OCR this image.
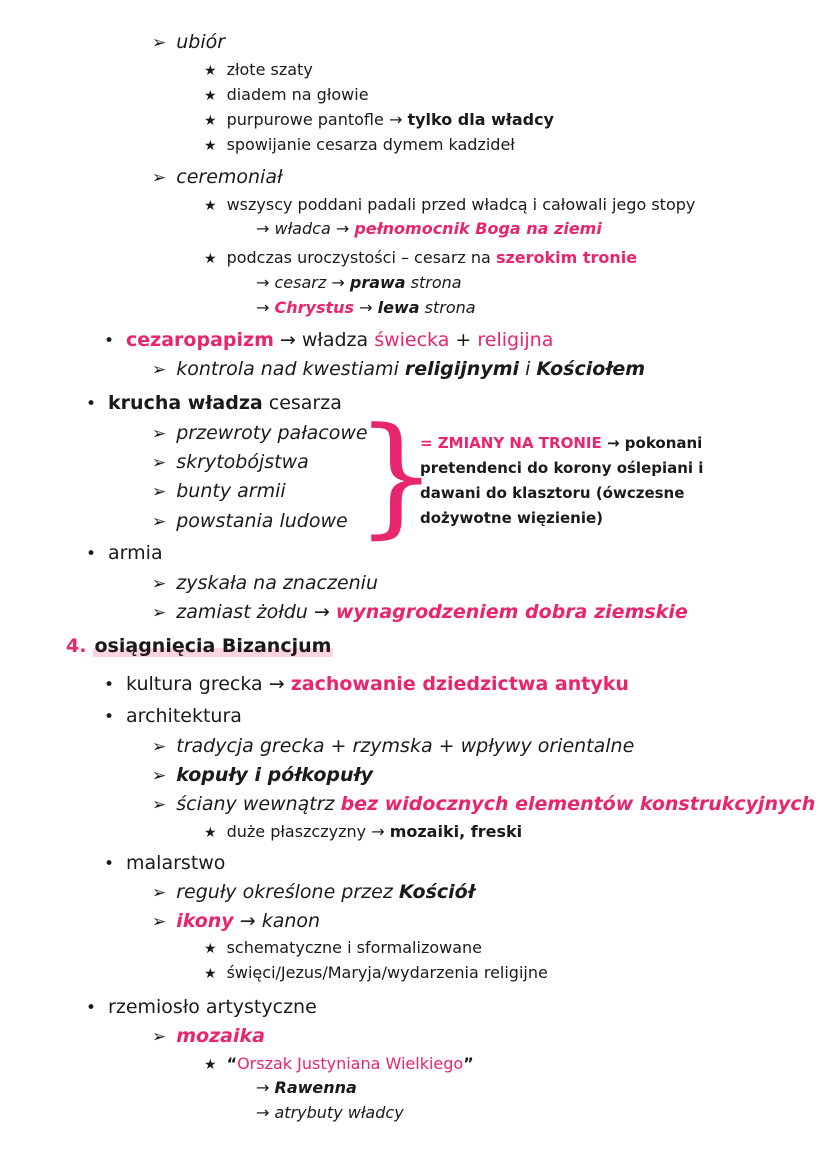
➢ ubiór
★ złote szaty
★ diadem na głowie
★ purpurowe pantofle → tylko dla władcy
★ spowijanie cesarza dymem kadzideł
➢ ceremoniał
★ wszyscy poddani padali przed władcą i całowali jego stopy
→ władca → pełnomocnik Boga na ziemi
★ podczas uroczystości – cesarz na szerokim tronie
→ cesarz → prawa strona
→ Chrystus → lewa strona
• cezaropapizm → władza świecka + religijna
➢ kontrola nad kwestiami religijnymi i Kościołem
• krucha władza cesarza
➢ przewroty pałacowe
➢ skrytobójstwa
➢ bunty armii
➢ powstania ludowe }
= ZMIANY NA TRONIE → pokonani
pretendenci do korony oślepiani i
dawani do klasztoru (ówczesne
dożywotne więzienie)
• armia
➢ zyskała na znaczeniu
➢ zamiast żołdu → wynagrodzeniem dobra ziemskie
4. osiągnięcia Bizancjum
• kultura grecka → zachowanie dziedzictwa antyku
• architektura
➢ tradycja grecka + rzymska + wpływy orientalne
➢ kopuły i półkopuły
➢ ściany wewnątrz bez widocznych elementów konstrukcyjnych
★ duże płaszczyzny → mozaiki, freski
• malarstwo
➢ reguły określone przez Kościół
➢ ikony → kanon
★ schematyczne i sformalizowane
★ święci/Jezus/Maryja/wydarzenia religijne
• rzemiosło artystyczne
➢ mozaika
★ “Orszak Justyniana Wielkiego”
→ Rawenna
→ atrybuty władcy
